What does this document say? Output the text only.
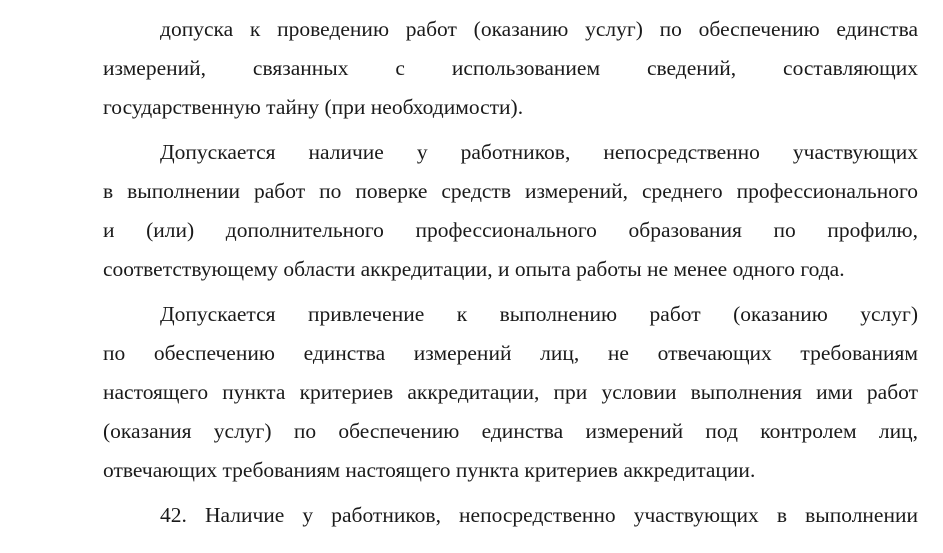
допуска к проведению работ (оказанию услуг) по обеспечению единства
измерений, связанных с использованием сведений, составляющих
государственную тайну (при необходимости).
Допускается наличие у работников, непосредственно участвующих
в выполнении работ по поверке средств измерений, среднего профессионального
и (или) дополнительного профессионального образования по профилю,
соответствующему области аккредитации, и опыта работы не менее одного года.
Допускается привлечение к выполнению работ (оказанию услуг)
по обеспечению единства измерений лиц, не отвечающих требованиям
настоящего пункта критериев аккредитации, при условии выполнения ими работ
(оказания услуг) по обеспечению единства измерений под контролем лиц,
отвечающих требованиям настоящего пункта критериев аккредитации.
42. Наличие у работников, непосредственно участвующих в выполнении
